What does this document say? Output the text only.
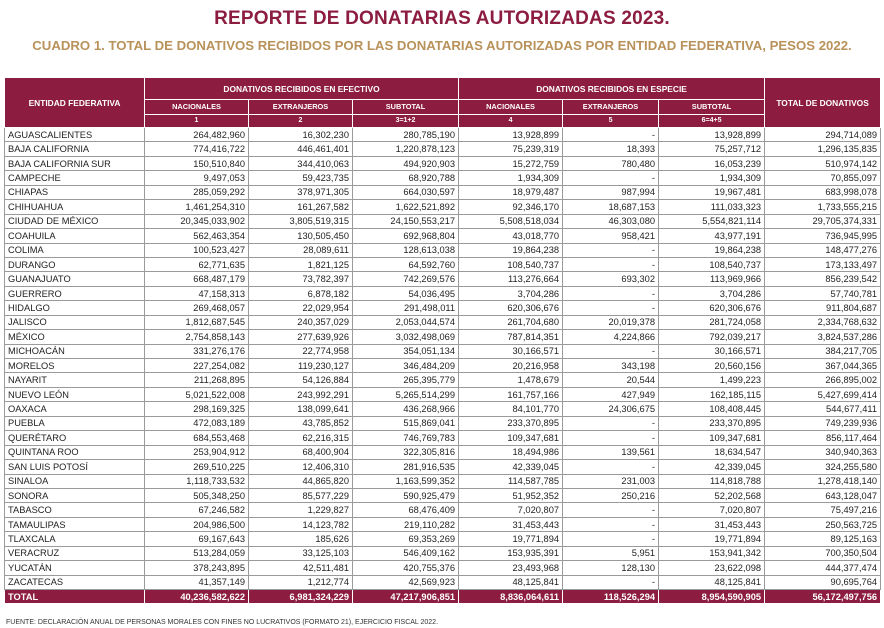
REPORTE DE DONATARIAS AUTORIZADAS 2023.
CUADRO 1. TOTAL DE DONATIVOS RECIBIDOS POR LAS DONATARIAS AUTORIZADAS POR ENTIDAD FEDERATIVA, PESOS 2022.
ENTIDAD FEDERATIVA	DONATIVOS RECIBIDOS EN EFECTIVO			DONATIVOS RECIBIDOS EN ESPECIE			TOTAL DE DONATIVOS
	NACIONALES	EXTRANJEROS	SUBTOTAL	NACIONALES	EXTRANJEROS	SUBTOTAL	
	1	2	3=1+2	4	5	6=4+5	
AGUASCALIENTES	264,482,960	16,302,230	280,785,190	13,928,899	-	13,928,899	294,714,089
BAJA CALIFORNIA	774,416,722	446,461,401	1,220,878,123	75,239,319	18,393	75,257,712	1,296,135,835
BAJA CALIFORNIA SUR	150,510,840	344,410,063	494,920,903	15,272,759	780,480	16,053,239	510,974,142
CAMPECHE	9,497,053	59,423,735	68,920,788	1,934,309	-	1,934,309	70,855,097
CHIAPAS	285,059,292	378,971,305	664,030,597	18,979,487	987,994	19,967,481	683,998,078
CHIHUAHUA	1,461,254,310	161,267,582	1,622,521,892	92,346,170	18,687,153	111,033,323	1,733,555,215
CIUDAD DE MÉXICO	20,345,033,902	3,805,519,315	24,150,553,217	5,508,518,034	46,303,080	5,554,821,114	29,705,374,331
COAHUILA	562,463,354	130,505,450	692,968,804	43,018,770	958,421	43,977,191	736,945,995
COLIMA	100,523,427	28,089,611	128,613,038	19,864,238	-	19,864,238	148,477,276
DURANGO	62,771,635	1,821,125	64,592,760	108,540,737	-	108,540,737	173,133,497
GUANAJUATO	668,487,179	73,782,397	742,269,576	113,276,664	693,302	113,969,966	856,239,542
GUERRERO	47,158,313	6,878,182	54,036,495	3,704,286	-	3,704,286	57,740,781
HIDALGO	269,468,057	22,029,954	291,498,011	620,306,676	-	620,306,676	911,804,687
JALISCO	1,812,687,545	240,357,029	2,053,044,574	261,704,680	20,019,378	281,724,058	2,334,768,632
MÉXICO	2,754,858,143	277,639,926	3,032,498,069	787,814,351	4,224,866	792,039,217	3,824,537,286
MICHOACÁN	331,276,176	22,774,958	354,051,134	30,166,571	-	30,166,571	384,217,705
MORELOS	227,254,082	119,230,127	346,484,209	20,216,958	343,198	20,560,156	367,044,365
NAYARIT	211,268,895	54,126,884	265,395,779	1,478,679	20,544	1,499,223	266,895,002
NUEVO LEÓN	5,021,522,008	243,992,291	5,265,514,299	161,757,166	427,949	162,185,115	5,427,699,414
OAXACA	298,169,325	138,099,641	436,268,966	84,101,770	24,306,675	108,408,445	544,677,411
PUEBLA	472,083,189	43,785,852	515,869,041	233,370,895	-	233,370,895	749,239,936
QUERÉTARO	684,553,468	62,216,315	746,769,783	109,347,681	-	109,347,681	856,117,464
QUINTANA ROO	253,904,912	68,400,904	322,305,816	18,494,986	139,561	18,634,547	340,940,363
SAN LUIS POTOSÍ	269,510,225	12,406,310	281,916,535	42,339,045	-	42,339,045	324,255,580
SINALOA	1,118,733,532	44,865,820	1,163,599,352	114,587,785	231,003	114,818,788	1,278,418,140
SONORA	505,348,250	85,577,229	590,925,479	51,952,352	250,216	52,202,568	643,128,047
TABASCO	67,246,582	1,229,827	68,476,409	7,020,807	-	7,020,807	75,497,216
TAMAULIPAS	204,986,500	14,123,782	219,110,282	31,453,443	-	31,453,443	250,563,725
TLAXCALA	69,167,643	185,626	69,353,269	19,771,894	-	19,771,894	89,125,163
VERACRUZ	513,284,059	33,125,103	546,409,162	153,935,391	5,951	153,941,342	700,350,504
YUCATÁN	378,243,895	42,511,481	420,755,376	23,493,968	128,130	23,622,098	444,377,474
ZACATECAS	41,357,149	1,212,774	42,569,923	48,125,841	-	48,125,841	90,695,764
TOTAL	40,236,582,622	6,981,324,229	47,217,906,851	8,836,064,611	118,526,294	8,954,590,905	56,172,497,756
FUENTE: DECLARACIÓN ANUAL DE PERSONAS MORALES CON FINES NO LUCRATIVOS (FORMATO 21), EJERCICIO FISCAL 2022.
